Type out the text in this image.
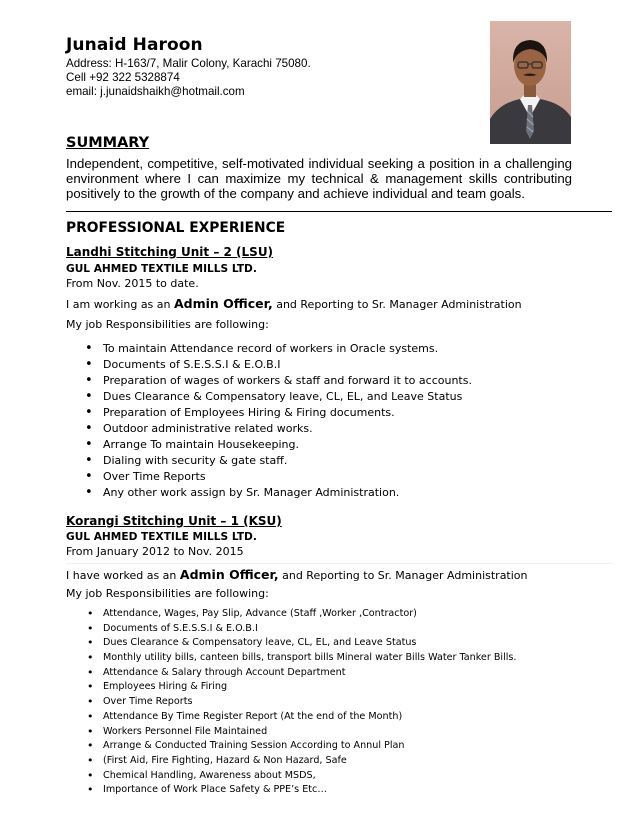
Junaid Haroon
Address: H-163/7, Malir Colony, Karachi 75080.
Cell +92 322 5328874
email: j.junaidshaikh@hotmail.com
SUMMARY
Independent, competitive, self-motivated individual seeking a position in a challenging
environment where I can maximize my technical & management skills contributing
positively to the growth of the company and achieve individual and team goals.
PROFESSIONAL EXPERIENCE
Landhi Stitching Unit – 2 (LSU)
GUL AHMED TEXTILE MILLS LTD.
From Nov. 2015 to date.
I am working as an Admin Officer, and Reporting to Sr. Manager Administration
My job Responsibilities are following:
• To maintain Attendance record of workers in Oracle systems.
• Documents of S.E.S.S.I & E.O.B.I
• Preparation of wages of workers & staff and forward it to accounts.
• Dues Clearance & Compensatory leave, CL, EL, and Leave Status
• Preparation of Employees Hiring & Firing documents.
• Outdoor administrative related works.
• Arrange To maintain Housekeeping.
• Dialing with security & gate staff.
• Over Time Reports
• Any other work assign by Sr. Manager Administration.
Korangi Stitching Unit – 1 (KSU)
GUL AHMED TEXTILE MILLS LTD.
From January 2012 to Nov. 2015
I have worked as an Admin Officer, and Reporting to Sr. Manager Administration
My job Responsibilities are following:
• Attendance, Wages, Pay Slip, Advance (Staff ,Worker ,Contractor)
• Documents of S.E.S.S.I & E.O.B.I
• Dues Clearance & Compensatory leave, CL, EL, and Leave Status
• Monthly utility bills, canteen bills, transport bills Mineral water Bills Water Tanker Bills.
• Attendance & Salary through Account Department
• Employees Hiring & Firing
• Over Time Reports
• Attendance By Time Register Report (At the end of the Month)
• Workers Personnel File Maintained
• Arrange & Conducted Training Session According to Annul Plan
• (First Aid, Fire Fighting, Hazard & Non Hazard, Safe
• Chemical Handling, Awareness about MSDS,
• Importance of Work Place Safety & PPE’s Etc…
